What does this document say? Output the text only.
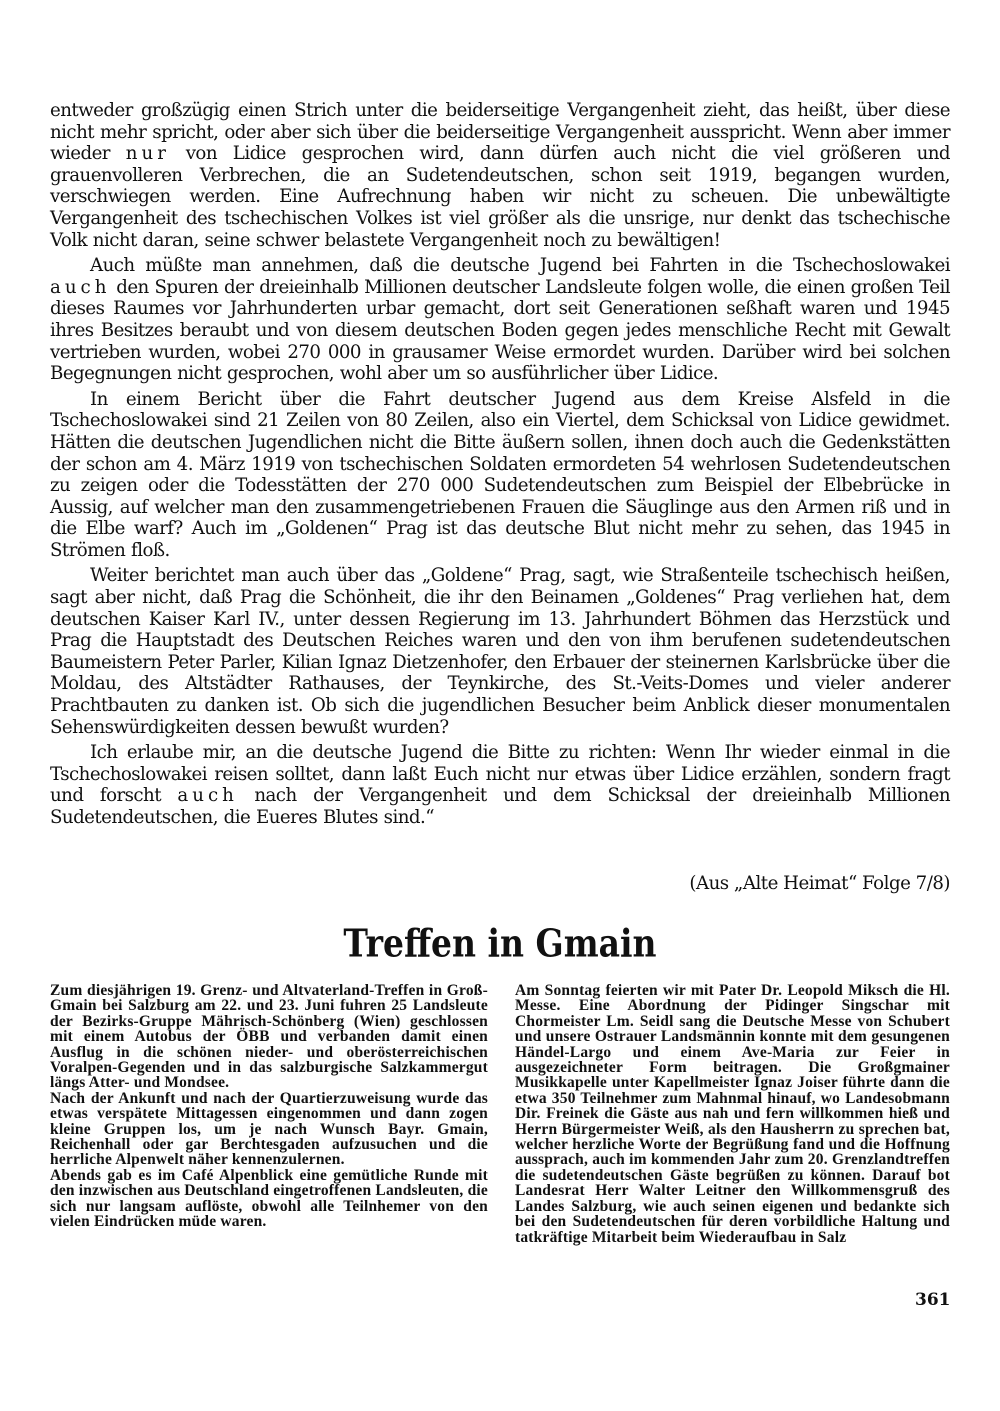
entweder großzügig einen Strich unter die beiderseitige Vergangenheit zieht, das heißt, über diese nicht mehr spricht, oder aber sich über die beiderseitige Vergangenheit ausspricht. Wenn aber immer wieder nur von Lidice gesprochen wird, dann dürfen auch nicht die viel größeren und grauenvolleren Verbrechen, die an Sudetendeutschen, schon seit 1919, begangen wurden, verschwiegen werden. Eine Aufrechnung haben wir nicht zu scheuen. Die unbewältigte Vergangenheit des tschechischen Volkes ist viel größer als die unsrige, nur denkt das tschechische Volk nicht daran, seine schwer belastete Vergangenheit noch zu bewältigen!

Auch müßte man annehmen, daß die deutsche Jugend bei Fahrten in die Tschechoslowakei auch den Spuren der dreieinhalb Millionen deutscher Landsleute folgen wolle, die einen großen Teil dieses Raumes vor Jahrhunderten urbar gemacht, dort seit Generationen seßhaft waren und 1945 ihres Besitzes beraubt und von diesem deutschen Boden gegen jedes menschliche Recht mit Gewalt vertrieben wurden, wobei 270 000 in grausamer Weise ermordet wurden. Darüber wird bei solchen Begegnungen nicht gesprochen, wohl aber um so ausführlicher über Lidice.

In einem Bericht über die Fahrt deutscher Jugend aus dem Kreise Alsfeld in die Tschechoslowakei sind 21 Zeilen von 80 Zeilen, also ein Viertel, dem Schicksal von Lidice gewidmet. Hätten die deutschen Jugendlichen nicht die Bitte äußern sollen, ihnen doch auch die Gedenkstätten der schon am 4. März 1919 von tschechischen Soldaten ermordeten 54 wehrlosen Sudetendeutschen zu zeigen oder die Todesstätten der 270 000 Sudetendeutschen zum Beispiel der Elbebrücke in Aussig, auf welcher man den zusammengetriebenen Frauen die Säuglinge aus den Armen riß und in die Elbe warf? Auch im „Goldenen“ Prag ist das deutsche Blut nicht mehr zu sehen, das 1945 in Strömen floß.

Weiter berichtet man auch über das „Goldene“ Prag, sagt, wie Straßenteile tschechisch heißen, sagt aber nicht, daß Prag die Schönheit, die ihr den Beinamen „Goldenes“ Prag verliehen hat, dem deutschen Kaiser Karl IV., unter dessen Regierung im 13. Jahrhundert Böhmen das Herzstück und Prag die Hauptstadt des Deutschen Reiches waren und den von ihm berufenen sudetendeutschen Baumeistern Peter Parler, Kilian Ignaz Dietzenhofer, den Erbauer der steinernen Karlsbrücke über die Moldau, des Altstädter Rathauses, der Teynkirche, des St.-Veits-Domes und vieler anderer Prachtbauten zu danken ist. Ob sich die jugendlichen Besucher beim Anblick dieser monumentalen Sehenswürdigkeiten dessen bewußt wurden?

Ich erlaube mir, an die deutsche Jugend die Bitte zu richten: Wenn Ihr wieder einmal in die Tschechoslowakei reisen solltet, dann laßt Euch nicht nur etwas über Lidice erzählen, sondern fragt und forscht auch nach der Vergangenheit und dem Schicksal der dreieinhalb Millionen Sudetendeutschen, die Eueres Blutes sind.“

(Aus „Alte Heimat“ Folge 7/8)
Treffen in Gmain

Zum diesjährigen 19. Grenz- und Altvaterland-Treffen in Groß-Gmain bei Salzburg am 22. und 23. Juni fuhren 25 Landsleute der Bezirks-Gruppe Mährisch-Schönberg (Wien) geschlossen mit einem Autobus der ÖBB und verbanden damit einen Ausflug in die schönen nieder- und oberösterreichischen Voralpen-Gegenden und in das salzburgische Salzkammergut längs Atter- und Mondsee.

Nach der Ankunft und nach der Quartierzuweisung wurde das etwas verspätete Mittagessen eingenommen und dann zogen kleine Gruppen los, um je nach Wunsch Bayr. Gmain, Reichenhall oder gar Berchtesgaden aufzusuchen und die herrliche Alpenwelt näher kennenzulernen.

Abends gab es im Café Alpenblick eine gemütliche Runde mit den inzwischen aus Deutschland eingetroffenen Landsleuten, die sich nur langsam auflöste, obwohl alle Teilnhemer von den vielen Eindrücken müde waren.

Am Sonntag feierten wir mit Pater Dr. Leopold Miksch die Hl. Messe. Eine Abordnung der Pidinger Singschar mit Chormeister Lm. Seidl sang die Deutsche Messe von Schubert und unsere Ostrauer Landsmännin konnte mit dem gesungenen Händel-Largo und einem Ave-Maria zur Feier in ausgezeichneter Form beitragen. Die Großgmainer Musikkapelle unter Kapellmeister Ignaz Joiser führte dann die etwa 350 Teilnehmer zum Mahnmal hinauf, wo Landesobmann Dir. Freinek die Gäste aus nah und fern willkommen hieß und Herrn Bürgermeister Weiß, als den Hausherrn zu sprechen bat, welcher herzliche Worte der Begrüßung fand und die Hoffnung aussprach, auch im kommenden Jahr zum 20. Grenzlandtreffen die sudetendeutschen Gäste begrüßen zu können. Darauf bot Landesrat Herr Walter Leitner den Willkommensgruß des Landes Salzburg, wie auch seinen eigenen und bedankte sich bei den Sudetendeutschen für deren vorbildliche Haltung und tatkräftige Mitarbeit beim Wiederaufbau in Salz

361
